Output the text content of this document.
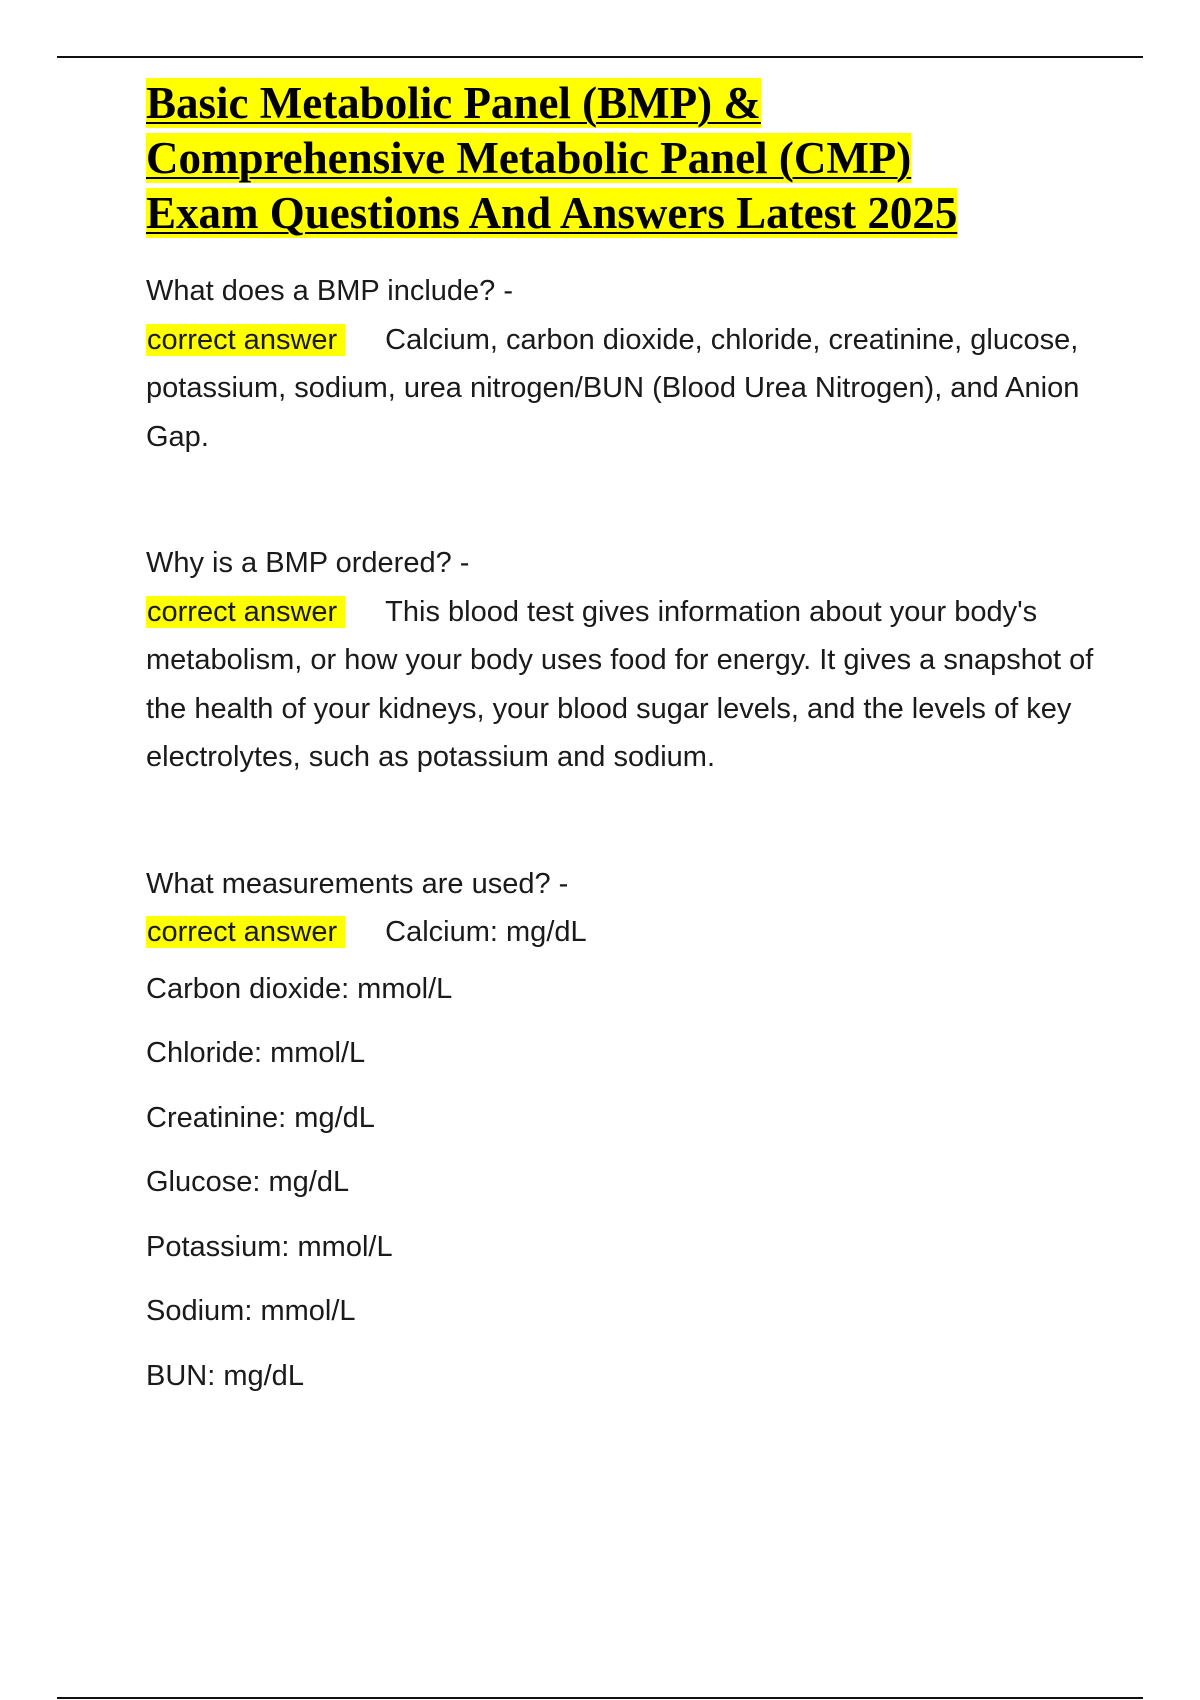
Basic Metabolic Panel (BMP) &
Comprehensive Metabolic Panel (CMP)
Exam Questions And Answers Latest 2025

What does a BMP include? -

correct answer Calcium, carbon dioxide, chloride, creatinine, glucose, potassium, sodium, urea nitrogen/BUN (Blood Urea Nitrogen), and Anion Gap.

Why is a BMP ordered? -

correct answer This blood test gives information about your body's metabolism, or how your body uses food for energy. It gives a snapshot of the health of your kidneys, your blood sugar levels, and the levels of key electrolytes, such as potassium and sodium.

What measurements are used? -

correct answer Calcium: mg/dL

Carbon dioxide: mmol/L
Chloride: mmol/L
Creatinine: mg/dL
Glucose: mg/dL
Potassium: mmol/L
Sodium: mmol/L
BUN: mg/dL
